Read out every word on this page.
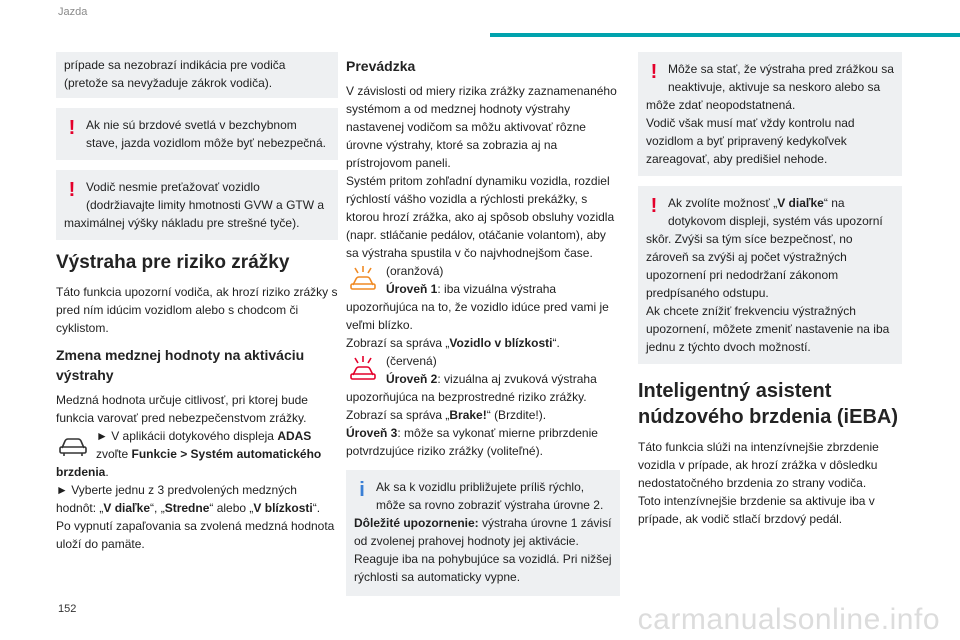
Jazda

prípade sa nezobrazí indikácia pre vodiča (pretože sa nevyžaduje zákrok vodiča).

! Ak nie sú brzdové svetlá v bezchybnom stave, jazda vozidlom môže byť nebezpečná.

! Vodič nesmie preťažovať vozidlo (dodržiavajte limity hmotnosti GVW a GTW a maximálnej výšky nákladu pre strešné tyče).

Výstraha pre riziko zrážky

Táto funkcia upozorní vodiča, ak hrozí riziko zrážky s pred ním idúcim vozidlom alebo s chodcom či cyklistom.

Zmena medznej hodnoty na aktiváciu výstrahy

Medzná hodnota určuje citlivosť, pri ktorej bude funkcia varovať pred nebezpečenstvom zrážky.

► V aplikácii dotykového displeja ADAS zvoľte Funkcie > Systém automatického brzdenia.

► Vyberte jednu z 3 predvolených medzných hodnôt: „V diaľke“, „Stredne“ alebo „V blízkosti“.

Po vypnutí zapaľovania sa zvolená medzná hodnota uloží do pamäte.

Prevádzka

V závislosti od miery rizika zrážky zaznamenaného systémom a od medznej hodnoty výstrahy nastavenej vodičom sa môžu aktivovať rôzne úrovne výstrahy, ktoré sa zobrazia aj na prístrojovom paneli.

Systém pritom zohľadní dynamiku vozidla, rozdiel rýchlostí vášho vozidla a rýchlosti prekážky, s ktorou hrozí zrážka, ako aj spôsob obsluhy vozidla (napr. stláčanie pedálov, otáčanie volantom), aby sa výstraha spustila v čo najvhodnejšom čase.

(oranžová)
Úroveň 1: iba vizuálna výstraha upozorňujúca na to, že vozidlo idúce pred vami je veľmi blízko.

Zobrazí sa správa „Vozidlo v blízkosti“.

(červená)
Úroveň 2: vizuálna aj zvuková výstraha upozorňujúca na bezprostredné riziko zrážky.

Zobrazí sa správa „Brake!“ (Brzdite!).

Úroveň 3: môže sa vykonať mierne pribrzdenie potvrdzujúce riziko zrážky (voliteľné).

i Ak sa k vozidlu približujete príliš rýchlo, môže sa rovno zobraziť výstraha úrovne 2.

Dôležité upozornenie: výstraha úrovne 1 závisí od zvolenej prahovej hodnoty jej aktivácie. Reaguje iba na pohybujúce sa vozidlá. Pri nižšej rýchlosti sa automaticky vypne.

! Môže sa stať, že výstraha pred zrážkou sa neaktivuje, aktivuje sa neskoro alebo sa môže zdať neopodstatnená.

Vodič však musí mať vždy kontrolu nad vozidlom a byť pripravený kedykoľvek zareagovať, aby predišiel nehode.

! Ak zvolíte možnosť „V diaľke“ na dotykovom displeji, systém vás upozorní skôr. Zvýši sa tým síce bezpečnosť, no zároveň sa zvýši aj počet výstražných upozornení pri nedodržaní zákonom predpísaného odstupu.

Ak chcete znížiť frekvenciu výstražných upozornení, môžete zmeniť nastavenie na iba jednu z týchto dvoch možností.

Inteligentný asistent núdzového brzdenia (iEBA)

Táto funkcia slúži na intenzívnejšie zbrzdenie vozidla v prípade, ak hrozí zrážka v dôsledku nedostatočného brzdenia zo strany vodiča.

Toto intenzívnejšie brzdenie sa aktivuje iba v prípade, ak vodič stlačí brzdový pedál.

152	carmanualsonline.info
